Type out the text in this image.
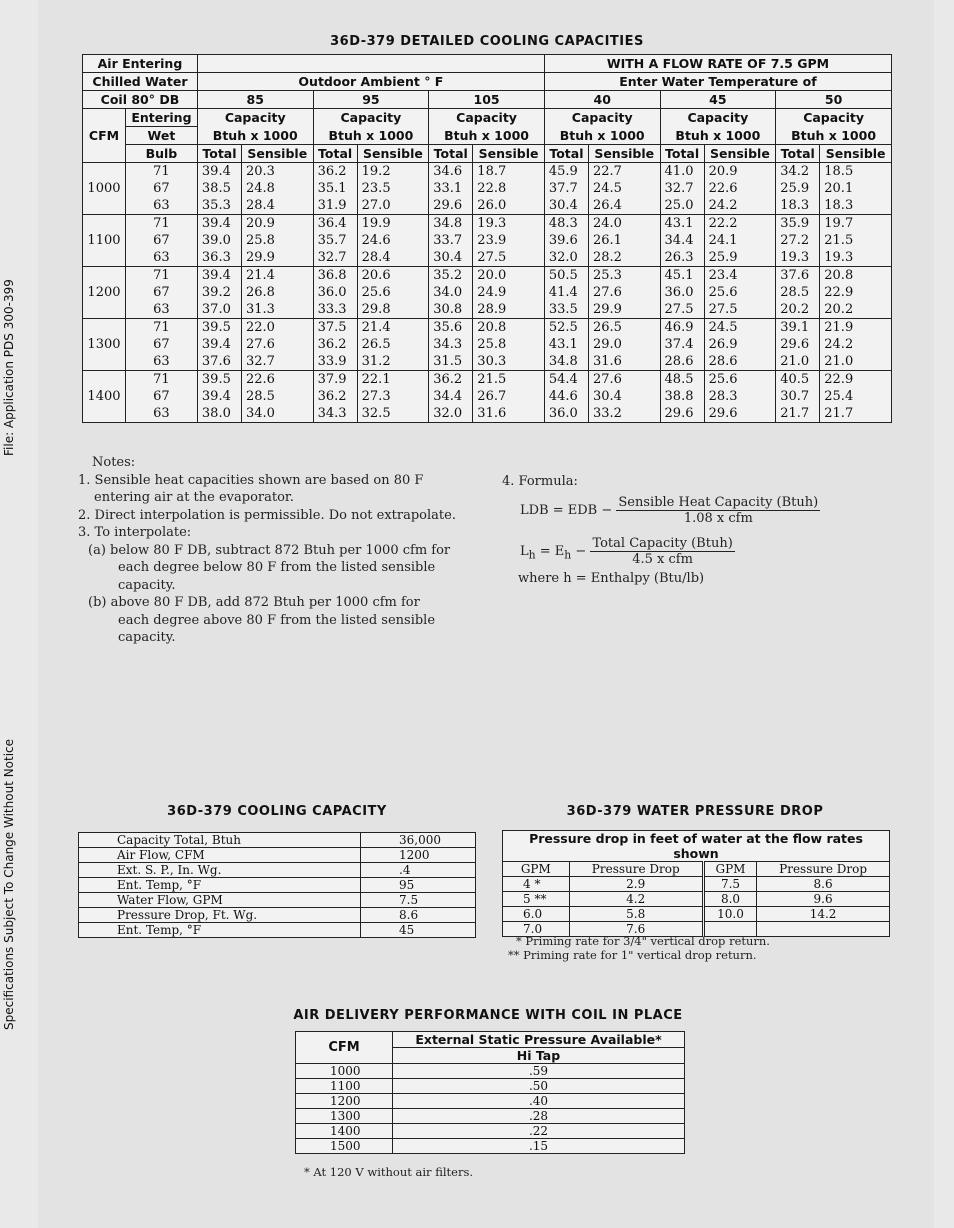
File: Application PDS 300-399
Specifications Subject To Change Without Notice
36D-379 DETAILED COOLING CAPACITIES
Air Entering								WITH A FLOW RATE OF 7.5 GPM					
Chilled Water		Outdoor Ambient ° F						Enter Water Temperature of					
Coil 80° DB		85		95		105		40		45		50	
CFM	Entering	Capacity		Capacity		Capacity		Capacity		Capacity		Capacity	
	Wet	Btuh x 1000		Btuh x 1000		Btuh x 1000		Btuh x 1000		Btuh x 1000		Btuh x 1000	
	Bulb	Total	Sensible	Total	Sensible	Total	Sensible	Total	Sensible	Total	Sensible	Total	Sensible
1000	71	39.4	20.3	36.2	19.2	34.6	18.7	45.9	22.7	41.0	20.9	34.2	18.5
	67	38.5	24.8	35.1	23.5	33.1	22.8	37.7	24.5	32.7	22.6	25.9	20.1
	63	35.3	28.4	31.9	27.0	29.6	26.0	30.4	26.4	25.0	24.2	18.3	18.3
1100	71	39.4	20.9	36.4	19.9	34.8	19.3	48.3	24.0	43.1	22.2	35.9	19.7
	67	39.0	25.8	35.7	24.6	33.7	23.9	39.6	26.1	34.4	24.1	27.2	21.5
	63	36.3	29.9	32.7	28.4	30.4	27.5	32.0	28.2	26.3	25.9	19.3	19.3
1200	71	39.4	21.4	36.8	20.6	35.2	20.0	50.5	25.3	45.1	23.4	37.6	20.8
	67	39.2	26.8	36.0	25.6	34.0	24.9	41.4	27.6	36.0	25.6	28.5	22.9
	63	37.0	31.3	33.3	29.8	30.8	28.9	33.5	29.9	27.5	27.5	20.2	20.2
1300	71	39.5	22.0	37.5	21.4	35.6	20.8	52.5	26.5	46.9	24.5	39.1	21.9
	67	39.4	27.6	36.2	26.5	34.3	25.8	43.1	29.0	37.4	26.9	29.6	24.2
	63	37.6	32.7	33.9	31.2	31.5	30.3	34.8	31.6	28.6	28.6	21.0	21.0
1400	71	39.5	22.6	37.9	22.1	36.2	21.5	54.4	27.6	48.5	25.6	40.5	22.9
	67	39.4	28.5	36.2	27.3	34.4	26.7	44.6	30.4	38.8	28.3	30.7	25.4
	63	38.0	34.0	34.3	32.5	32.0	31.6	36.0	33.2	29.6	29.6	21.7	21.7

Notes:

1. Sensible heat capacities shown are based on 80 F

entering air at the evaporator.

2. Direct interpolation is permissible. Do not extrapolate.

3. To interpolate:

(a) below 80 F DB, subtract 872 Btuh per 1000 cfm for

each degree below 80 F from the listed sensible

capacity.

(b) above 80 F DB, add 872 Btuh per 1000 cfm for

each degree above 80 F from the listed sensible

capacity.

4. Formula:
LDB = EDB − $\frac{\text{Sensible Heat Capacity (Btuh)}}{\text{1.08 x cfm}}$
$L_h = E_h - \frac{\text{Total Capacity (Btuh)}}{\text{4.5 x cfm}}$
where h = Enthalpy (Btu/lb)
36D-379 COOLING CAPACITY
Capacity Total, Btuh	36,000
Air Flow, CFM	1200
Ext. S. P., In. Wg.	.4
Ent. Temp, °F	95
Water Flow, GPM	7.5
Pressure Drop, Ft. Wg.	8.6
Ent. Temp, °F	45
36D-379 WATER PRESSURE DROP
Pressure drop in feet of water at the flow rates shown			
GPM	Pressure Drop	GPM	Pressure Drop
4 *	2.9	7.5	8.6
5 **	4.2	8.0	9.6
6.0	5.8	10.0	14.2
7.0	7.6		

* Priming rate for 3/4" vertical drop return.

** Priming rate for 1" vertical drop return.

AIR DELIVERY PERFORMANCE WITH COIL IN PLACE
CFM	External Static Pressure Available*
	Hi Tap
1000	.59
1100	.50
1200	.40
1300	.28
1400	.22
1500	.15
* At 120 V without air filters.
